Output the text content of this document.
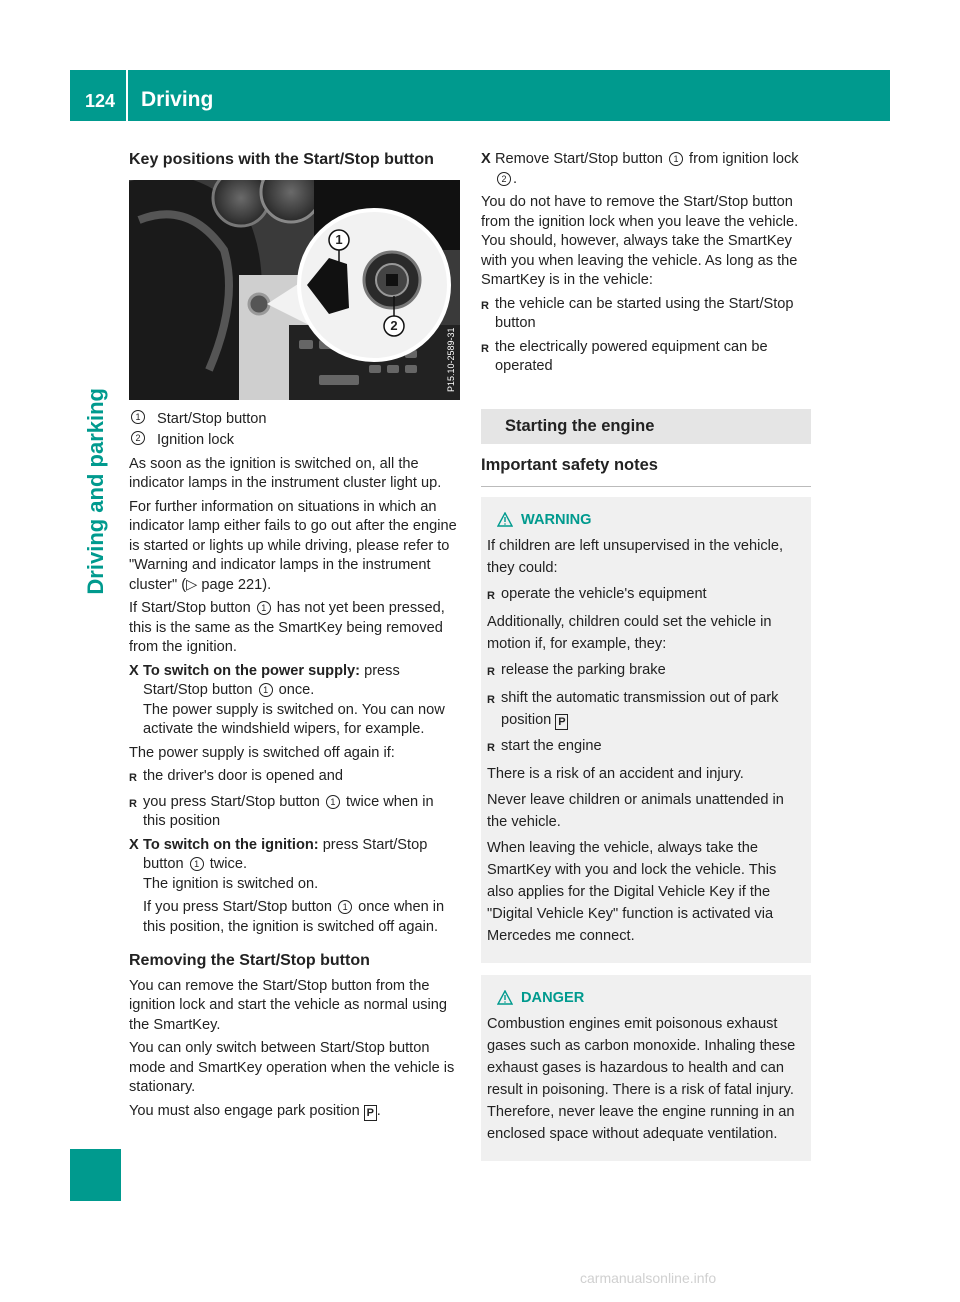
124 Driving
Driving and parking
Key positions with the Start/Stop button
1
2
P15.10-2589-31
1	Start/Stop button
2	Ignition lock

As soon as the ignition is switched on, all the indicator lamps in the instrument cluster light up.

For further information on situations in which an indicator lamp either fails to go out after the engine is started or lights up while driving, please refer to "Warning and indicator lamps in the instrument cluster" (▷ page 221).

If Start/Stop button 1 has not yet been pressed, this is the same as the SmartKey being removed from the ignition.

X To switch on the power supply: press Start/Stop button 1 once.
The power supply is switched on. You can now activate the windshield wipers, for example.

The power supply is switched off again if:

R the driver's door is opened and
R you press Start/Stop button 1 twice when in this position
X To switch on the ignition: press Start/Stop button 1 twice.
The ignition is switched on.
If you press Start/Stop button 1 once when in this position, the ignition is switched off again.
Removing the Start/Stop button

You can remove the Start/Stop button from the ignition lock and start the vehicle as normal using the SmartKey.

You can only switch between Start/Stop button mode and SmartKey operation when the vehicle is stationary.

You must also engage park position P .

X Remove Start/Stop button 1 from ignition lock 2 .

You do not have to remove the Start/Stop button from the ignition lock when you leave the vehicle. You should, however, always take the SmartKey with you when leaving the vehicle. As long as the SmartKey is in the vehicle:

R the vehicle can be started using the Start/Stop button
R the electrically powered equipment can be operated
Starting the engine
Important safety notes
WARNING

If children are left unsupervised in the vehicle, they could:

R operate the vehicle's equipment

Additionally, children could set the vehicle in motion if, for example, they:

R release the parking brake
R shift the automatic transmission out of park position P
R start the engine

There is a risk of an accident and injury.

Never leave children or animals unattended in the vehicle.

When leaving the vehicle, always take the SmartKey with you and lock the vehicle. This also applies for the Digital Vehicle Key if the "Digital Vehicle Key" function is activated via Mercedes me connect.

DANGER

Combustion engines emit poisonous exhaust gases such as carbon monoxide. Inhaling these exhaust gases is hazardous to health and can result in poisoning. There is a risk of fatal injury. Therefore, never leave the engine running in an enclosed space without adequate ventilation.

carmanualsonline.info
